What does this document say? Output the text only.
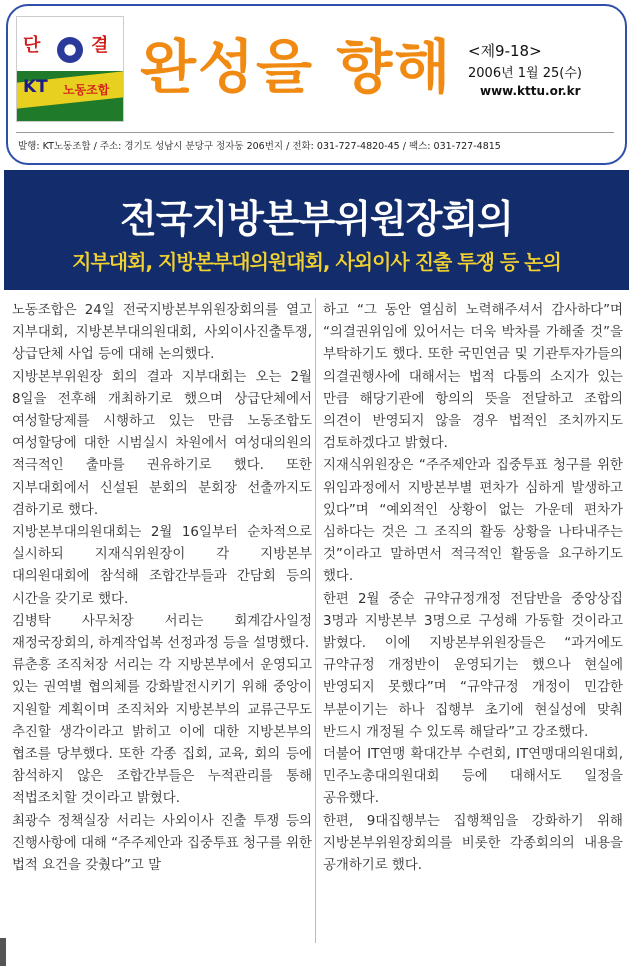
단	결
KT 노동조합 완성을 향해 <제9-18>
2006년 1월 25(수)
www.kttu.or.kr
발행: KT노동조합 / 주소: 경기도 성남시 분당구 정자동 206번지 / 전화: 031-727-4820-45 / 팩스: 031-727-4815
전국지방본부위원장회의
지부대회, 지방본부대의원대회, 사외이사 진출 투쟁 등 논의

노동조합은 24일 전국지방본부위원장회의를 열고 지부대회, 지방본부대의원대회, 사외이사진출투쟁, 상급단체 사업 등에 대해 논의했다.

지방본부위원장 회의 결과 지부대회는 오는 2월 8일을 전후해 개최하기로 했으며 상급단체에서 여성할당제를 시행하고 있는 만큼 노동조합도 여성할당에 대한 시범실시 차원에서 여성대의원의 적극적인 출마를 권유하기로 했다. 또한 지부대회에서 신설된 분회의 분회장 선출까지도 겸하기로 했다.

지방본부대의원대회는 2월 16일부터 순차적으로 실시하되 지재식위원장이 각 지방본부 대의원대회에 참석해 조합간부들과 간담회 등의 시간을 갖기로 했다.

김병탁 사무처장 서리는 회계감사일정 재정국장회의, 하계작업복 선정과정 등을 설명했다.

류춘흥 조직처장 서리는 각 지방본부에서 운영되고 있는 권역별 협의체를 강화발전시키기 위해 중앙이 지원할 계획이며 조직처와 지방본부의 교류근무도 추진할 생각이라고 밝히고 이에 대한 지방본부의 협조를 당부했다. 또한 각종 집회, 교육, 회의 등에 참석하지 않은 조합간부들은 누적관리를 통해 적법조치할 것이라고 밝혔다.

최광수 정책실장 서리는 사외이사 진출 투쟁 등의 진행사항에 대해 “주주제안과 집중투표 청구를 위한 법적 요건을 갖췄다”고 말

하고 “그 동안 열심히 노력해주셔서 감사하다”며 “의결권위임에 있어서는 더욱 박차를 가해줄 것”을 부탁하기도 했다. 또한 국민연금 및 기관투자가들의 의결권행사에 대해서는 법적 다툼의 소지가 있는 만큼 해당기관에 항의의 뜻을 전달하고 조합의 의견이 반영되지 않을 경우 법적인 조치까지도 검토하겠다고 밝혔다.

지재식위원장은 “주주제안과 집중투표 청구를 위한 위임과정에서 지방본부별 편차가 심하게 발생하고 있다”며 “예외적인 상황이 없는 가운데 편차가 심하다는 것은 그 조직의 활동 상황을 나타내주는 것”이라고 말하면서 적극적인 활동을 요구하기도 했다.

한편 2월 중순 규약규정개정 전담반을 중앙상집 3명과 지방본부 3명으로 구성해 가동할 것이라고 밝혔다. 이에 지방본부위원장들은 “과거에도 규약규정 개정반이 운영되기는 했으나 현실에 반영되지 못했다”며 “규약규정 개정이 민감한 부분이기는 하나 집행부 초기에 현실성에 맞춰 반드시 개정될 수 있도록 해달라”고 강조했다.

더불어 IT연맹 확대간부 수련회, IT연맹대의원대회, 민주노총대의원대회 등에 대해서도 일정을 공유했다.

한편, 9대집행부는 집행책임을 강화하기 위해 지방본부위원장회의를 비롯한 각종회의의 내용을 공개하기로 했다.
